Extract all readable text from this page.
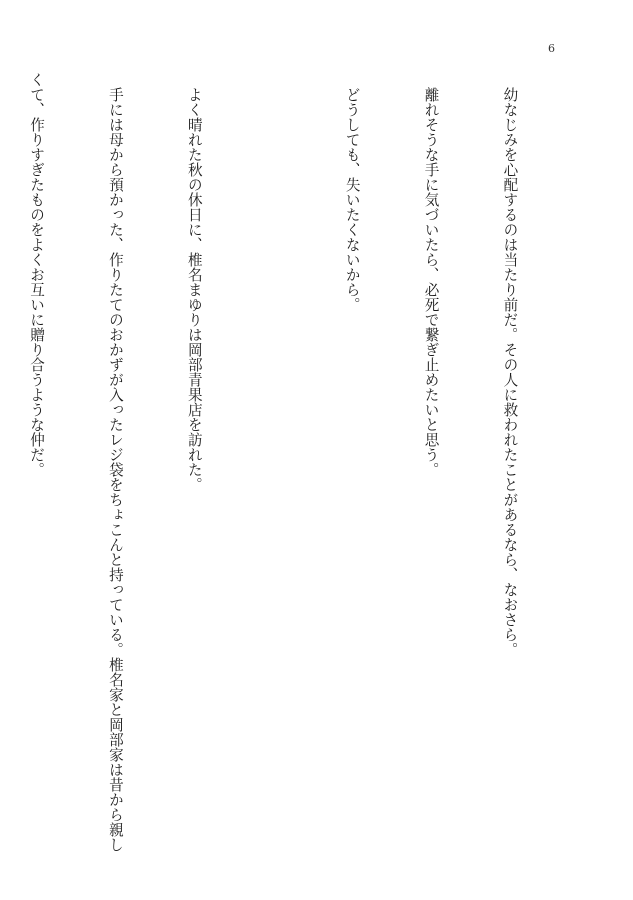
6

　幼なじみを心配するのは当たり前だ。その人に救われたことがあるなら、なおさら。

　離れそうな手に気づいたら、必死で繋ぎ止めたいと思う。

　どうしても、失いたくないから。

　よく晴れた秋の休日に、椎名まゆりは岡部青果店を訪れた。

　手には母から預かった、作りたてのおかずが入ったレジ袋をちょこんと持っている。椎名家と岡部家は昔から親し

くて、作りすぎたものをよくお互いに贈り合うような仲だ。
